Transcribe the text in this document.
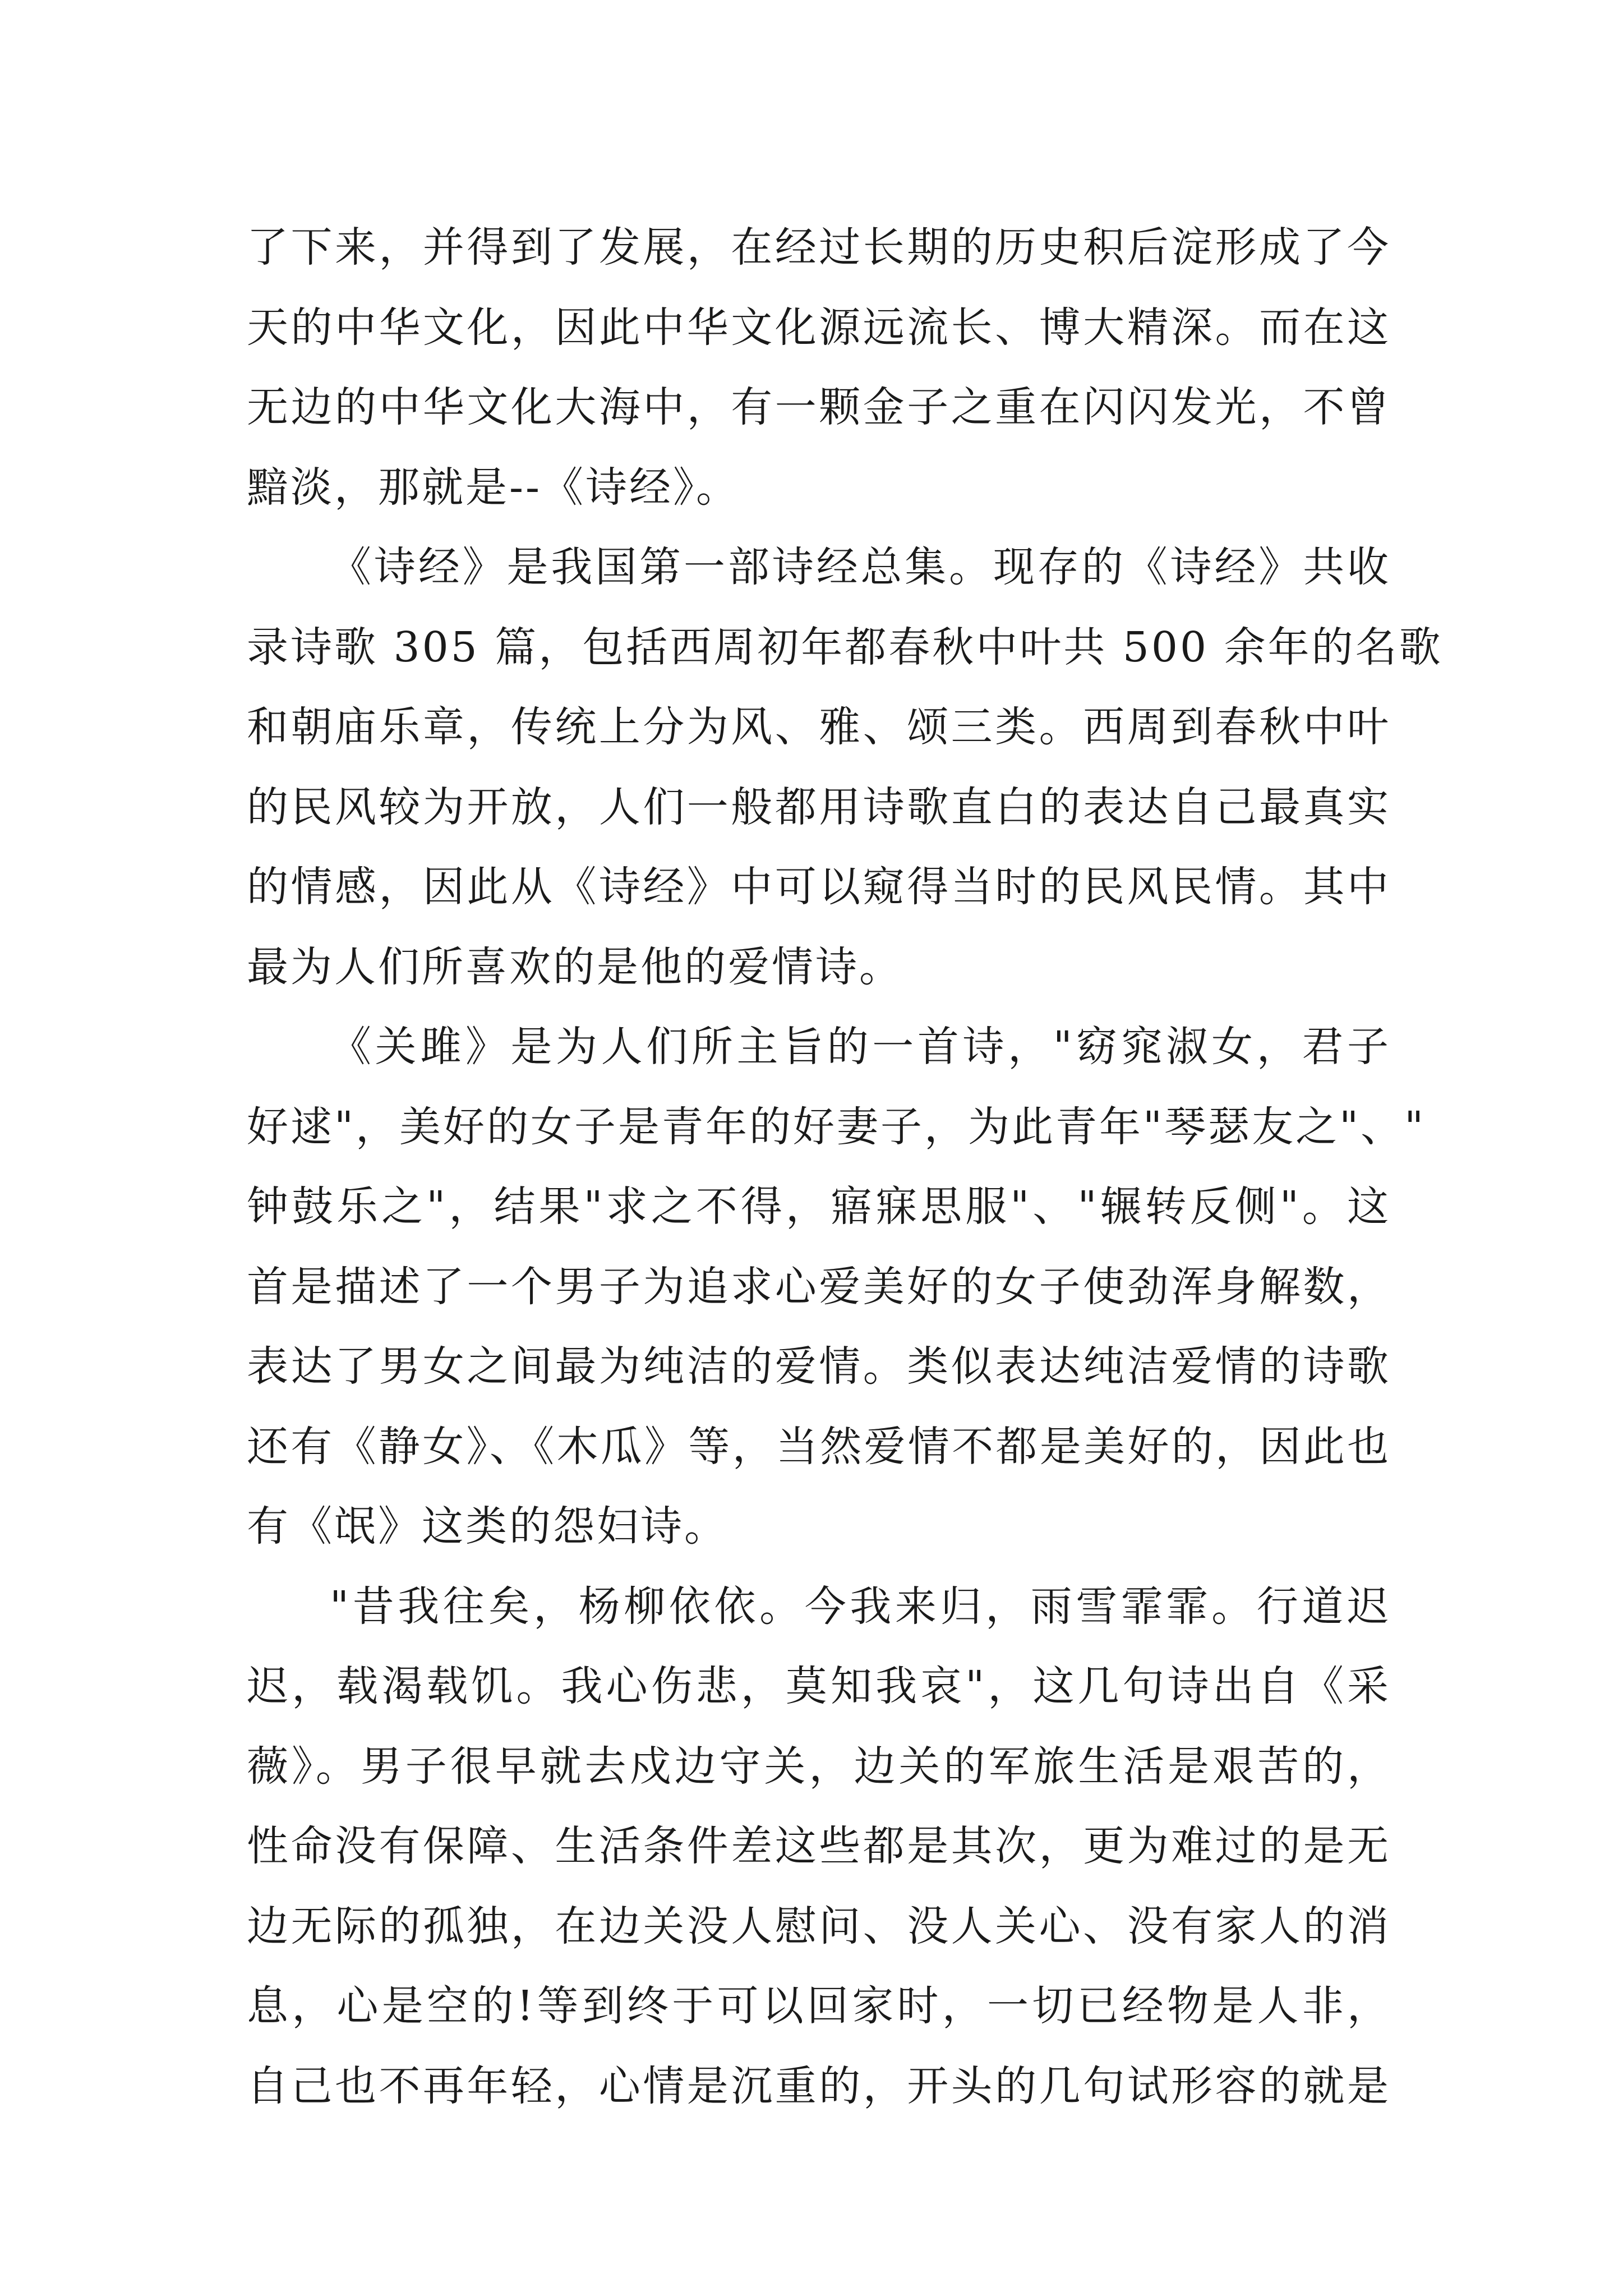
了下来，并得到了发展，在经过长期的历史积后淀形成了今
天的中华文化，因此中华文化源远流长、博大精深。而在这
无边的中华文化大海中，有一颗金子之重在闪闪发光，不曾
黯淡，那就是--《诗经》。
《诗经》是我国第一部诗经总集。现存的《诗经》共收
录诗歌 305 篇，包括西周初年都春秋中叶共 500 余年的名歌
和朝庙乐章，传统上分为风、雅、颂三类。西周到春秋中叶
的民风较为开放，人们一般都用诗歌直白的表达自己最真实
的情感，因此从《诗经》中可以窥得当时的民风民情。其中
最为人们所喜欢的是他的爱情诗。
《关雎》是为人们所主旨的一首诗，"窈窕淑女，君子
好逑"，美好的女子是青年的好妻子，为此青年"琴瑟友之"、"
钟鼓乐之"，结果"求之不得，寤寐思服"、"辗转反侧"。这
首是描述了一个男子为追求心爱美好的女子使劲浑身解数，
表达了男女之间最为纯洁的爱情。类似表达纯洁爱情的诗歌
还有《静女》、《木瓜》等，当然爱情不都是美好的，因此也
有《氓》这类的怨妇诗。
"昔我往矣，杨柳依依。今我来归，雨雪霏霏。行道迟
迟，载渴载饥。我心伤悲，莫知我哀"，这几句诗出自《采
薇》。男子很早就去戍边守关，边关的军旅生活是艰苦的，
性命没有保障、生活条件差这些都是其次，更为难过的是无
边无际的孤独，在边关没人慰问、没人关心、没有家人的消
息，心是空的!等到终于可以回家时，一切已经物是人非，
自己也不再年轻，心情是沉重的，开头的几句试形容的就是
